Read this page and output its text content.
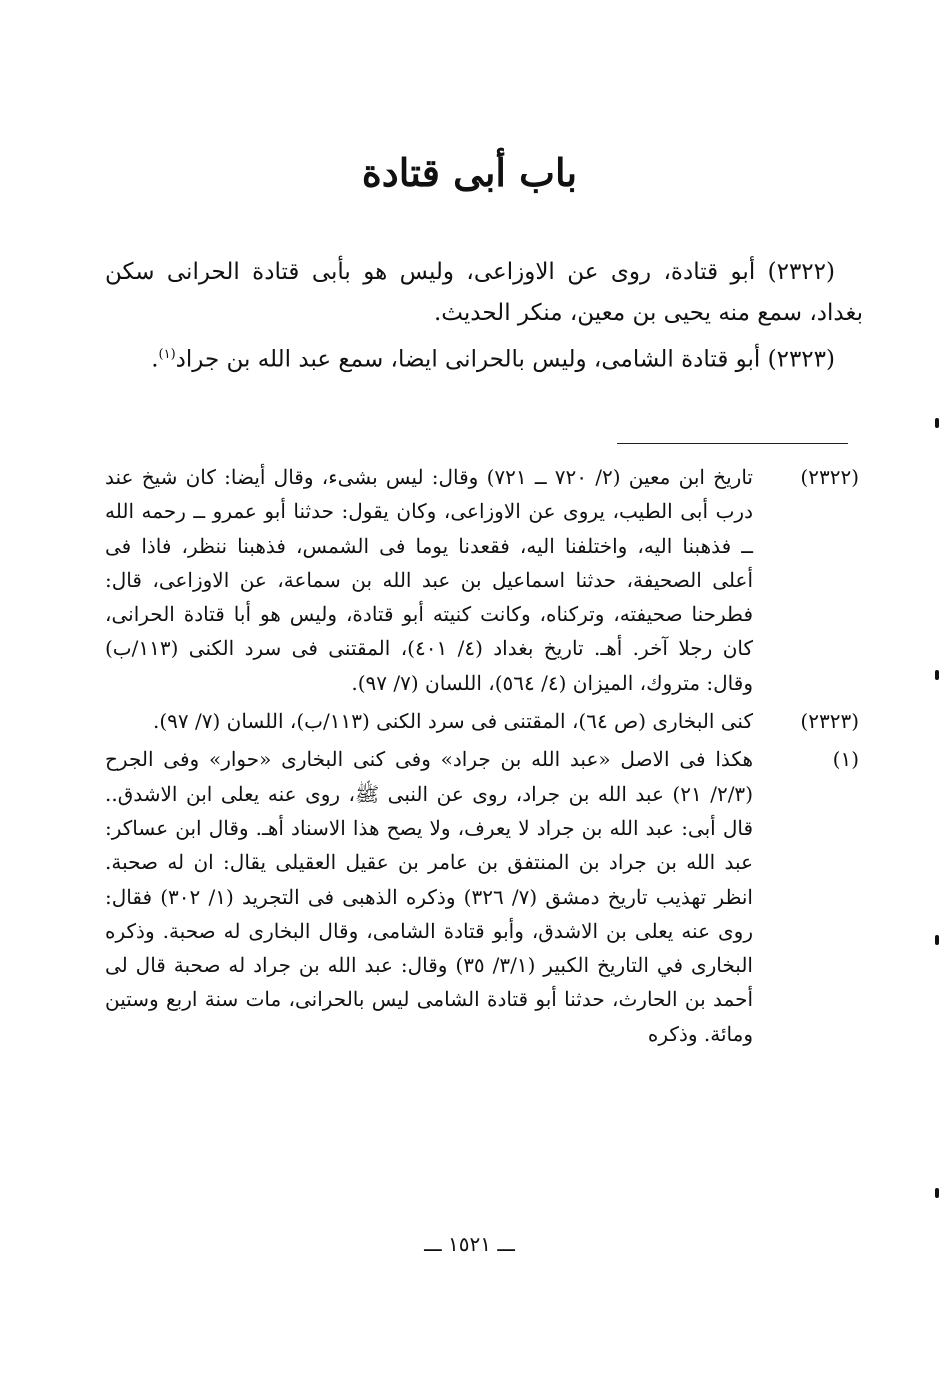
باب أبى قتادة

(٢٣٢٢) أبو قتادة، روى عن الاوزاعى، وليس هو بأبى قتادة الحرانى سكن بغداد، سمع منه يحيى بن معين، منكر الحديث.

(٢٣٢٣) أبو قتادة الشامى، وليس بالحرانى ايضا، سمع عبد الله بن جراد$^{(١)}$.

(٢٣٢٢)
تاريخ ابن معين (٢/ ٧٢٠ ــ ٧٢١) وقال: ليس بشىء، وقال أيضا: كان شيخ عند درب أبى الطيب، يروى عن الاوزاعى، وكان يقول: حدثنا أبو عمرو ــ رحمه الله ــ فذهبنا اليه، واختلفنا اليه، فقعدنا يوما فى الشمس، فذهبنا ننظر، فاذا فى أعلى الصحيفة، حدثنا اسماعيل بن عبد الله بن سماعة، عن الاوزاعى، قال: فطرحنا صحيفته، وتركناه، وكانت كنيته أبو قتادة، وليس هو أبا قتادة الحرانى، كان رجلا آخر. أهـ. تاريخ بغداد (٤/ ٤٠١)، المقتنى فى سرد الكنى (١١٣/ب) وقال: متروك، الميزان (٤/ ٥٦٤)، اللسان (٧/ ٩٧).
(٢٣٢٣)
كنى البخارى (ص ٦٤)، المقتنى فى سرد الكنى (١١٣/ب)، اللسان (٧/ ٩٧).
(١)
هكذا فى الاصل «عبد الله بن جراد» وفى كنى البخارى «حوار» وفى الجرح (٢/٣/ ٢١) عبد الله بن جراد، روى عن النبى ﷺ، روى عنه يعلى ابن الاشدق.. قال أبى: عبد الله بن جراد لا يعرف، ولا يصح هذا الاسناد أهـ. وقال ابن عساكر: عبد الله بن جراد بن المنتفق بن عامر بن عقيل العقيلى يقال: ان له صحبة. انظر تهذيب تاريخ دمشق (٧/ ٣٢٦) وذكره الذهبى فى التجريد (١/ ٣٠٢) فقال: روى عنه يعلى بن الاشدق، وأبو قتادة الشامى، وقال البخارى له صحبة. وذكره البخارى في التاريخ الكبير (٣/١/ ٣٥) وقال: عبد الله بن جراد له صحبة قال لى أحمد بن الحارث، حدثنا أبو قتادة الشامى ليس بالحرانى، مات سنة اربع وستين ومائة. وذكره
ـــ ١٥٢١ ـــ
